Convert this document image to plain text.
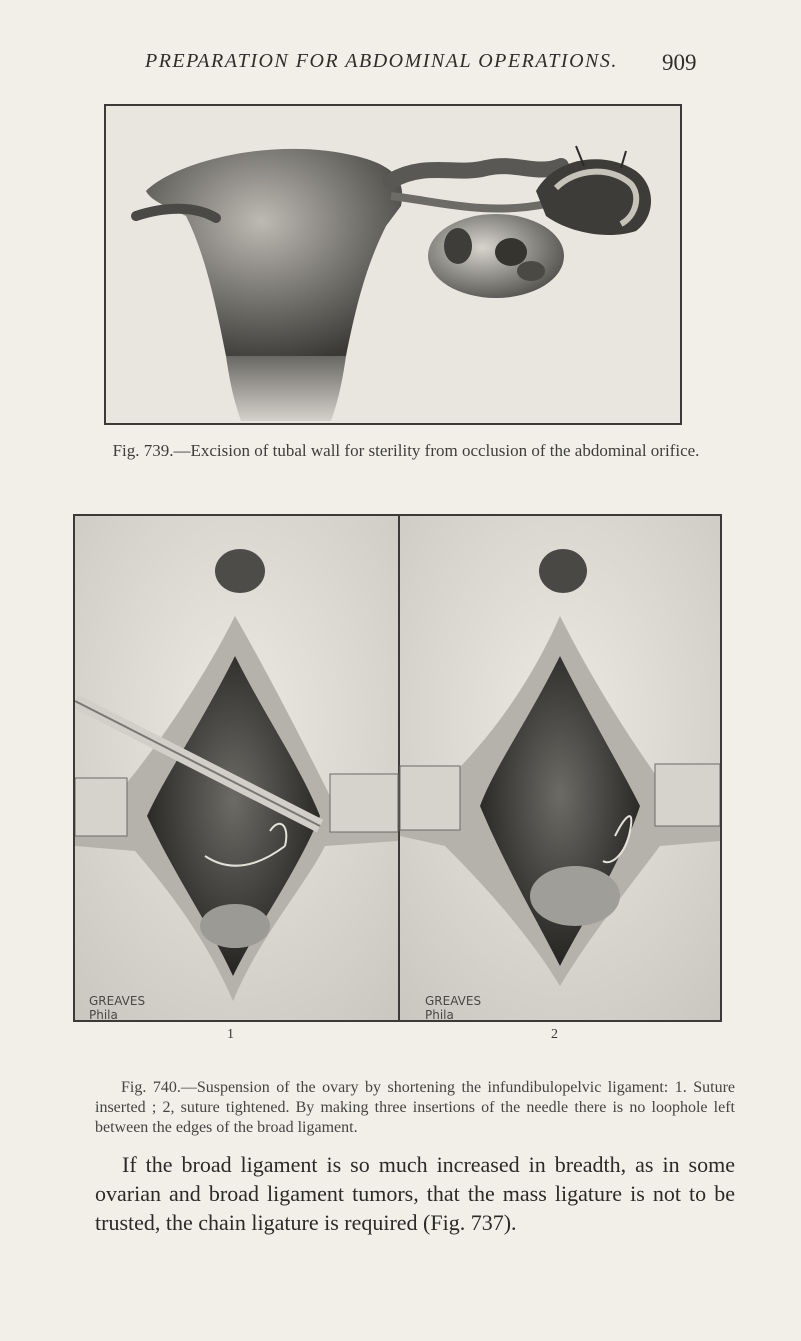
PREPARATION FOR ABDOMINAL OPERATIONS.	909
Fig. 739.—Excision of tubal wall for sterility from occlusion of the abdominal orifice.
GREAVES
Phila
GREAVES
Phila
1	2
Fig. 740.—Suspension of the ovary by shortening the infundibulopelvic ligament: 1. Suture inserted ; 2, suture tightened. By making three insertions of the needle there is no loophole left between the edges of the broad ligament.
If the broad ligament is so much increased in breadth, as in some ovarian and broad ligament tumors, that the mass ligature is not to be trusted, the chain ligature is required (Fig. 737).
